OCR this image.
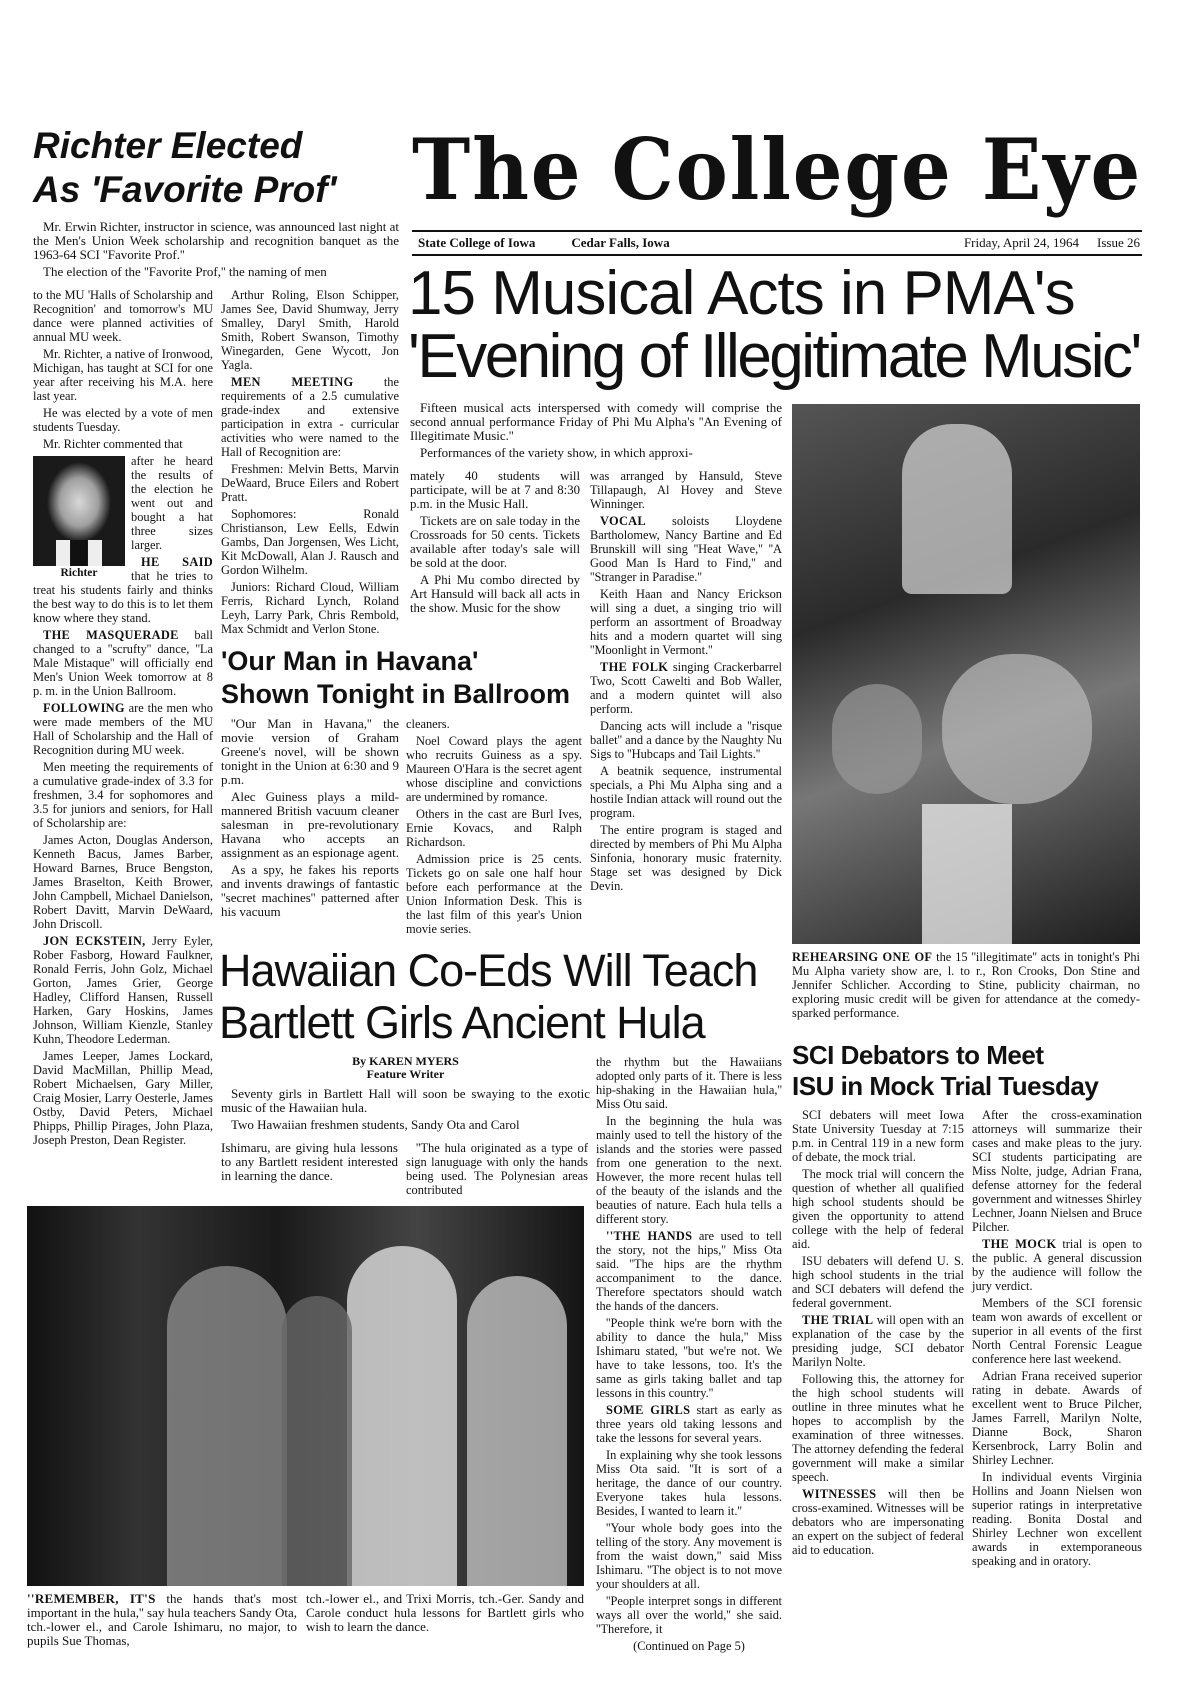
Richter Elected
As 'Favorite Prof' The College Eye
State College of Iowa	Cedar Falls, Iowa	Friday, April 24, 1964 Issue 26

Mr. Erwin Richter, instructor in science, was announced last night at the Men's Union Week scholarship and recognition banquet as the 1963-64 SCI ''Favorite Prof.''

The election of the ''Favorite Prof,'' the naming of men

to the MU 'Halls of Scholarship and Recognition' and tomorrow's MU dance were planned activities of annual MU week.

Mr. Richter, a native of Ironwood, Michigan, has taught at SCI for one year after receiving his M.A. here last year.

He was elected by a vote of men students Tuesday.

Mr. Richter commented that

Richter

after he heard the results of the election he went out and bought a hat three sizes larger.

HE SAID that he tries to treat his students fairly and thinks the best way to do this is to let them know where they stand.

THE MASQUERADE ball changed to a ''scrufty'' dance, ''La Male Mistaque'' will officially end Men's Union Week tomorrow at 8 p. m. in the Union Ballroom.

FOLLOWING are the men who were made members of the MU Hall of Scholarship and the Hall of Recognition during MU week.

Men meeting the requirements of a cumulative grade-index of 3.3 for freshmen, 3.4 for sophomores and 3.5 for juniors and seniors, for Hall of Scholarship are:

James Acton, Douglas Anderson, Kenneth Bacus, James Barber, Howard Barnes, Bruce Bengston, James Braselton, Keith Brower, John Campbell, Michael Danielson, Robert Davitt, Marvin DeWaard, John Driscoll.

JON ECKSTEIN, Jerry Eyler, Rober Fasborg, Howard Faulkner, Ronald Ferris, John Golz, Michael Gorton, James Grier, George Hadley, Clifford Hansen, Russell Harken, Gary Hoskins, James Johnson, William Kienzle, Stanley Kuhn, Theodore Lederman.

James Leeper, James Lockard, David MacMillan, Phillip Mead, Robert Michaelsen, Gary Miller, Craig Mosier, Larry Oesterle, James Ostby, David Peters, Michael Phipps, Phillip Pirages, John Plaza, Joseph Preston, Dean Register.

Arthur Roling, Elson Schipper, James See, David Shumway, Jerry Smalley, Daryl Smith, Harold Smith, Robert Swanson, Timothy Winegarden, Gene Wycott, Jon Yagla.

MEN MEETING the requirements of a 2.5 cumulative grade-index and extensive participation in extra - curricular activities who were named to the Hall of Recognition are:

Freshmen: Melvin Betts, Marvin DeWaard, Bruce Eilers and Robert Pratt.

Sophomores: Ronald Christianson, Lew Eells, Edwin Gambs, Dan Jorgensen, Wes Licht, Kit McDowall, Alan J. Rausch and Gordon Wilhelm.

Juniors: Richard Cloud, William Ferris, Richard Lynch, Roland Leyh, Larry Park, Chris Rembold, Max Schmidt and Verlon Stone.

15 Musical Acts in PMA's
'Evening of Illegitimate Music'

Fifteen musical acts interspersed with comedy will comprise the second annual performance Friday of Phi Mu Alpha's ''An Evening of Illegitimate Music.''

Performances of the variety show, in which approxi-

mately 40 students will participate, will be at 7 and 8:30 p.m. in the Music Hall.

Tickets are on sale today in the Crossroads for 50 cents. Tickets available after today's sale will be sold at the door.

A Phi Mu combo directed by Art Hansuld will back all acts in the show. Music for the show

was arranged by Hansuld, Steve Tillapaugh, Al Hovey and Steve Winninger.

VOCAL soloists Lloydene Bartholomew, Nancy Bartine and Ed Brunskill will sing ''Heat Wave,'' ''A Good Man Is Hard to Find,'' and ''Stranger in Paradise.''

Keith Haan and Nancy Erickson will sing a duet, a singing trio will perform an assortment of Broadway hits and a modern quartet will sing ''Moonlight in Vermont.''

THE FOLK singing Crackerbarrel Two, Scott Cawelti and Bob Waller, and a modern quintet will also perform.

Dancing acts will include a ''risque ballet'' and a dance by the Naughty Nu Sigs to ''Hubcaps and Tail Lights.''

A beatnik sequence, instrumental specials, a Phi Mu Alpha sing and a hostile Indian attack will round out the program.

The entire program is staged and directed by members of Phi Mu Alpha Sinfonia, honorary music fraternity. Stage set was designed by Dick Devin.

REHEARSING ONE OF the 15 ''illegitimate'' acts in tonight's Phi Mu Alpha variety show are, l. to r., Ron Crooks, Don Stine and Jennifer Schlicher. According to Stine, publicity chairman, no exploring music credit will be given for attendance at the comedy-sparked performance.

'Our Man in Havana'
Shown Tonight in Ballroom

''Our Man in Havana,'' the movie version of Graham Greene's novel, will be shown tonight in the Union at 6:30 and 9 p.m.

Alec Guiness plays a mild-mannered British vacuum cleaner salesman in pre-revolutionary Havana who accepts an assignment as an espionage agent.

As a spy, he fakes his reports and invents drawings of fantastic ''secret machines'' patterned after his vacuum

cleaners.

Noel Coward plays the agent who recruits Guiness as a spy. Maureen O'Hara is the secret agent whose discipline and convictions are undermined by romance.

Others in the cast are Burl Ives, Ernie Kovacs, and Ralph Richardson.

Admission price is 25 cents. Tickets go on sale one half hour before each performance at the Union Information Desk. This is the last film of this year's Union movie series.

Hawaiian Co-Eds Will Teach
Bartlett Girls Ancient Hula
By KAREN MYERS
Feature Writer

Seventy girls in Bartlett Hall will soon be swaying to the exotic music of the Hawaiian hula.

Two Hawaiian freshmen students, Sandy Ota and Carol

Ishimaru, are giving hula lessons to any Bartlett resident interested in learning the dance.

''The hula originated as a type of sign lanuguage with only the hands being used. The Polynesian areas contributed

the rhythm but the Hawaiians adopted only parts of it. There is less hip-shaking in the Hawaiian hula,'' Miss Otu said.

In the beginning the hula was mainly used to tell the history of the islands and the stories were passed from one generation to the next. However, the more recent hulas tell of the beauty of the islands and the beauties of nature. Each hula tells a different story.

''THE HANDS are used to tell the story, not the hips,'' Miss Ota said. ''The hips are the rhythm accompaniment to the dance. Therefore spectators should watch the hands of the dancers.

''People think we're born with the ability to dance the hula,'' Miss Ishimaru stated, ''but we're not. We have to take lessons, too. It's the same as girls taking ballet and tap lessons in this country.''

SOME GIRLS start as early as three years old taking lessons and take the lessons for several years.

In explaining why she took lessons Miss Ota said. ''It is sort of a heritage, the dance of our country. Everyone takes hula lessons. Besides, I wanted to learn it.''

''Your whole body goes into the telling of the story. Any movement is from the waist down,'' said Miss Ishimaru. ''The object is to not move your shoulders at all.

''People interpret songs in different ways all over the world,'' she said. ''Therefore, it

(Continued on Page 5)

''REMEMBER, IT'S the hands that's most important in the hula,'' say hula teachers Sandy Ota, tch.-lower el., and Carole Ishimaru, no major, to pupils Sue Thomas,

tch.-lower el., and Trixi Morris, tch.-Ger. Sandy and Carole conduct hula lessons for Bartlett girls who wish to learn the dance.

SCI Debators to Meet
ISU in Mock Trial Tuesday

SCI debaters will meet Iowa State University Tuesday at 7:15 p.m. in Central 119 in a new form of debate, the mock trial.

The mock trial will concern the question of whether all qualified high school students should be given the opportunity to attend college with the help of federal aid.

ISU debaters will defend U. S. high school students in the trial and SCI debaters will defend the federal government.

THE TRIAL will open with an explanation of the case by the presiding judge, SCI debator Marilyn Nolte.

Following this, the attorney for the high school students will outline in three minutes what he hopes to accomplish by the examination of three witnesses. The attorney defending the federal government will make a similar speech.

WITNESSES will then be cross-examined. Witnesses will be debators who are impersonating an expert on the subject of federal aid to education.

After the cross-examination attorneys will summarize their cases and make pleas to the jury. SCI students participating are Miss Nolte, judge, Adrian Frana, defense attorney for the federal government and witnesses Shirley Lechner, Joann Nielsen and Bruce Pilcher.

THE MOCK trial is open to the public. A general discussion by the audience will follow the jury verdict.

Members of the SCI forensic team won awards of excellent or superior in all events of the first North Central Forensic League conference here last weekend.

Adrian Frana received superior rating in debate. Awards of excellent went to Bruce Pilcher, James Farrell, Marilyn Nolte, Dianne Bock, Sharon Kersenbrock, Larry Bolin and Shirley Lechner.

In individual events Virginia Hollins and Joann Nielsen won superior ratings in interpretative reading. Bonita Dostal and Shirley Lechner won excellent awards in extemporaneous speaking and in oratory.
